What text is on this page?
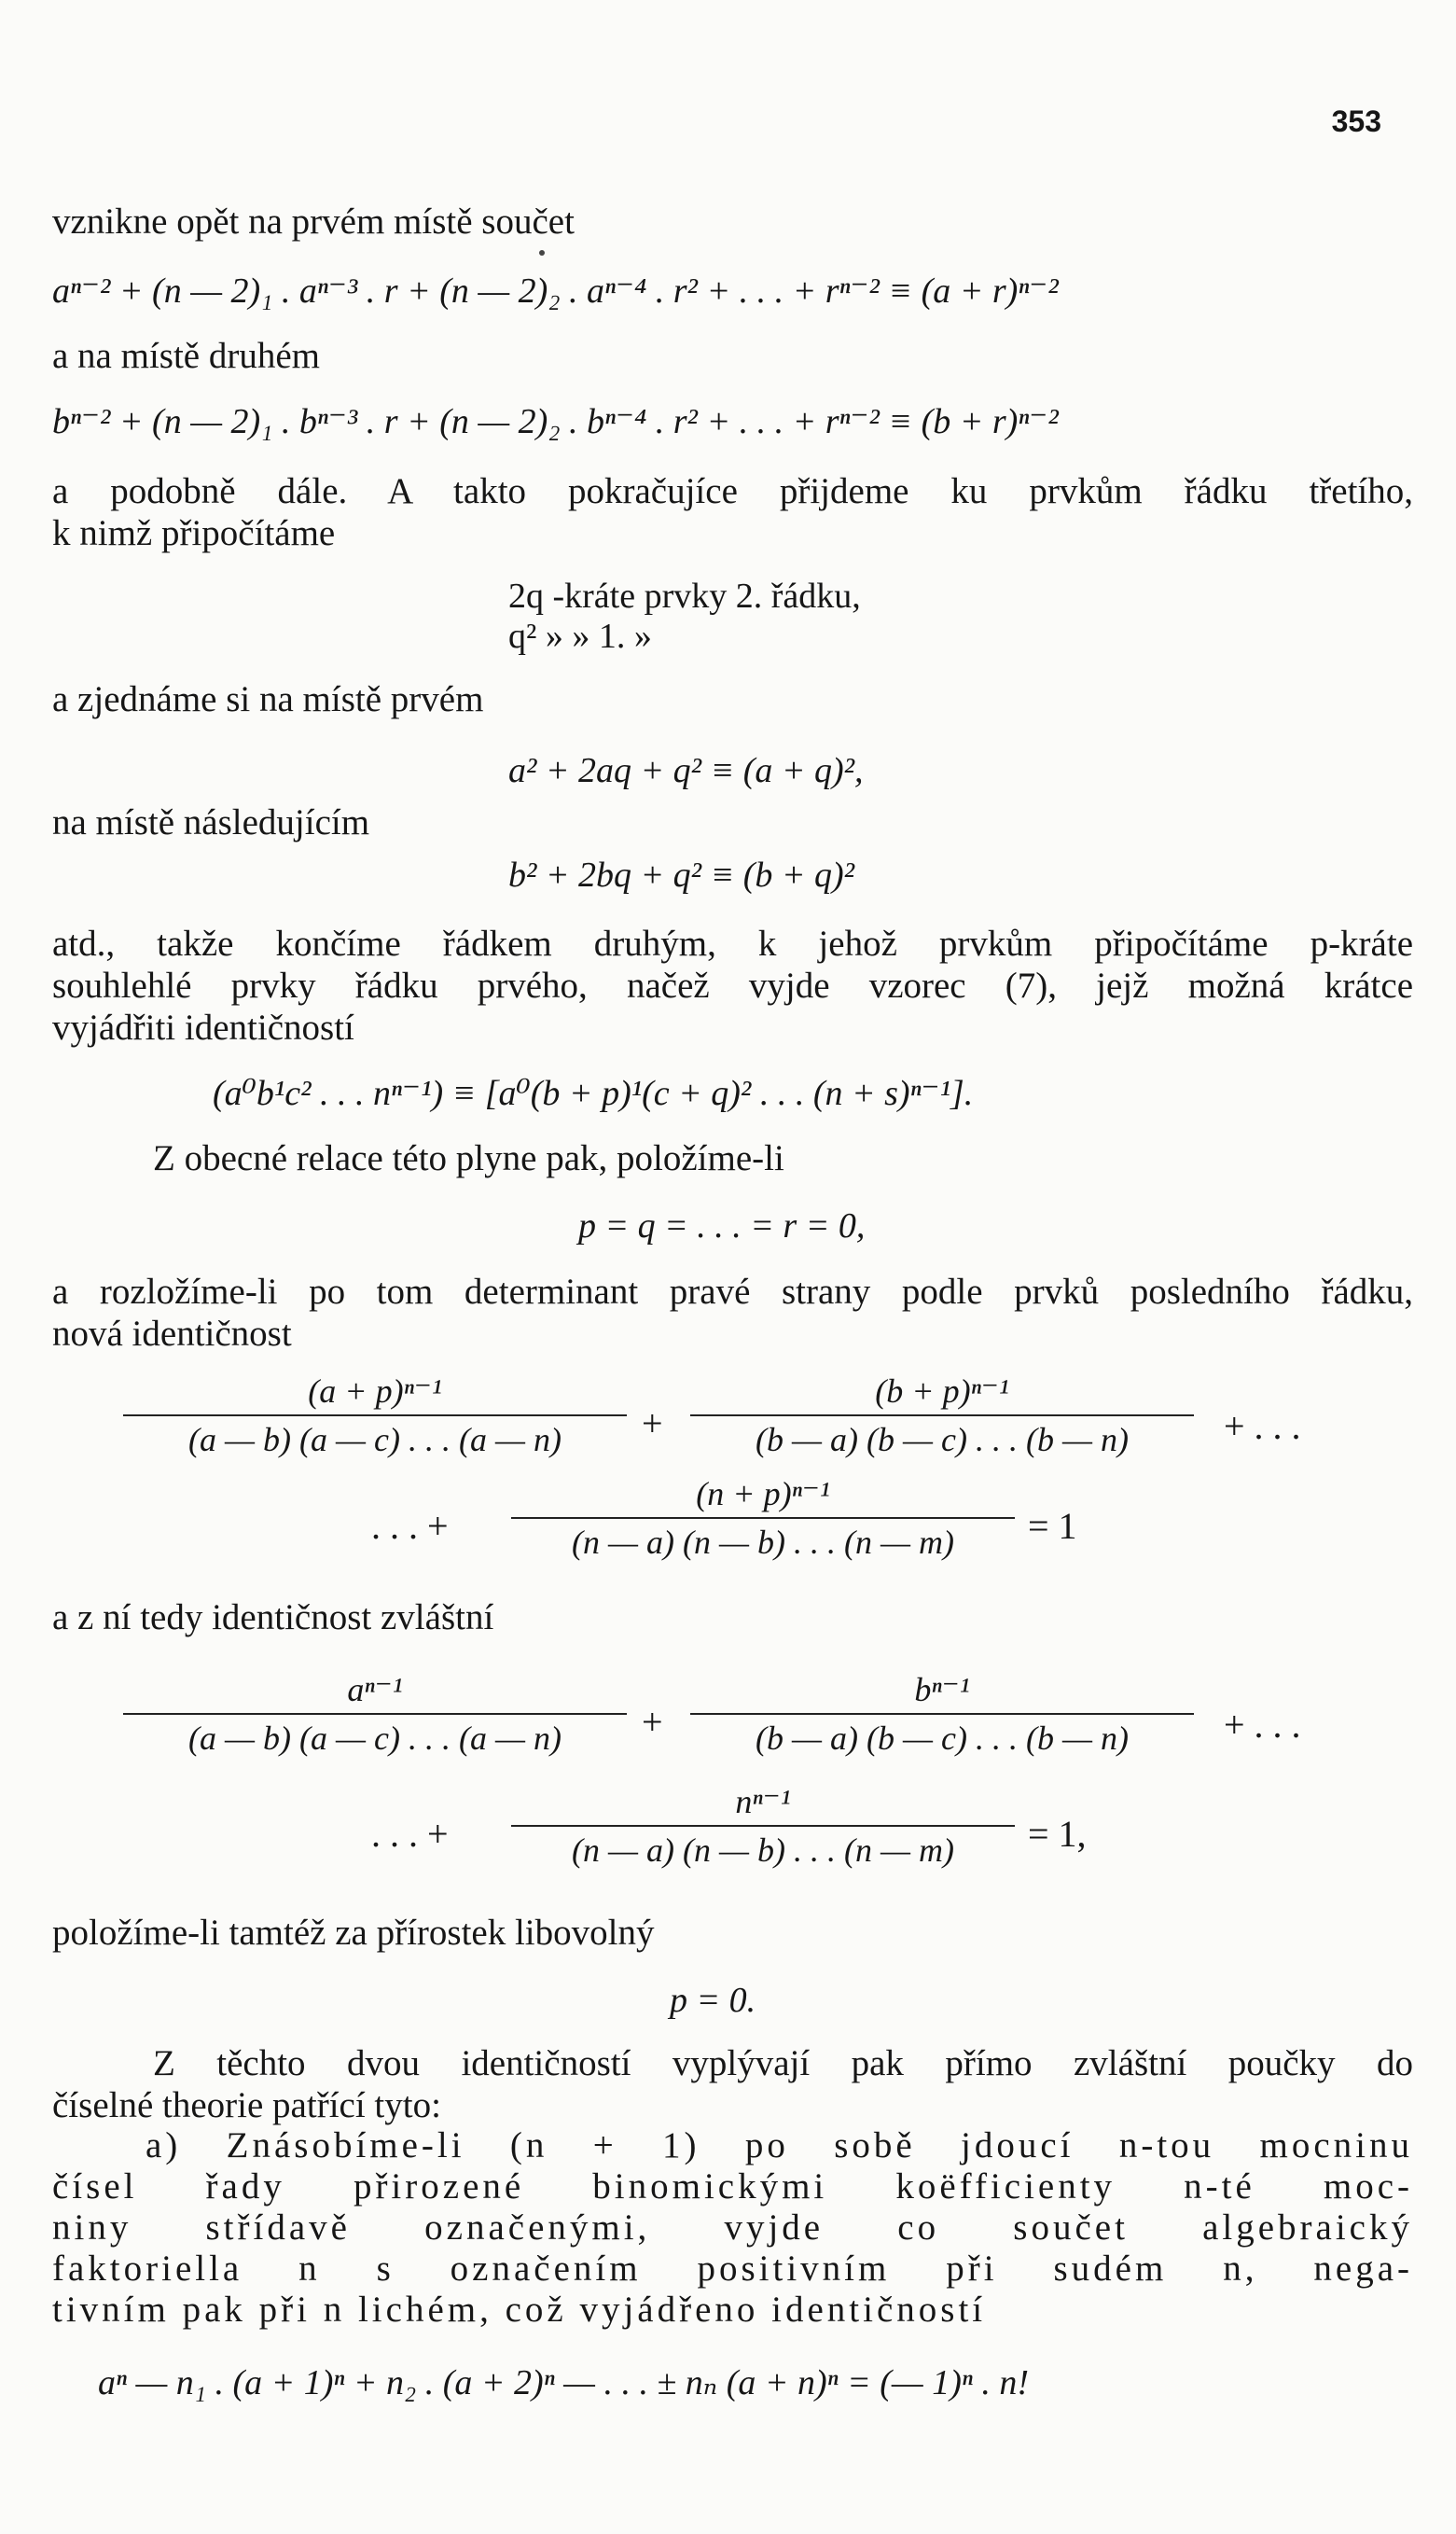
353
vznikne opět na prvém místě součet
aⁿ⁻² + (n — 2)₁ . aⁿ⁻³ . r + (n — 2)₂ . aⁿ⁻⁴ . r² + . . . + rⁿ⁻² ≡ (a + r)ⁿ⁻²
a na místě druhém
bⁿ⁻² + (n — 2)₁ . bⁿ⁻³ . r + (n — 2)₂ . bⁿ⁻⁴ . r² + . . . + rⁿ⁻² ≡ (b + r)ⁿ⁻²
a podobně dále. A takto pokračujíce přijdeme ku prvkům řádku třetího,
k nimž připočítáme
2q -kráte prvky 2. řádku,
q² » » 1. »
a zjednáme si na místě prvém
a² + 2aq + q² ≡ (a + q)²,
na místě následujícím
b² + 2bq + q² ≡ (b + q)²
atd., takže končíme řádkem druhým, k jehož prvkům připočítáme p-kráte
souhlehlé prvky řádku prvého, načež vyjde vzorec (7), jejž možná krátce
vyjádřiti identičností
(a⁰b¹c² . . . nⁿ⁻¹) ≡ [a⁰(b + p)¹(c + q)² . . . (n + s)ⁿ⁻¹].
Z obecné relace této plyne pak, položíme-li
p = q = . . . = r = 0,
a rozložíme-li po tom determinant pravé strany podle prvků posledního řádku,
nová identičnost
(a + p)ⁿ⁻¹
(a — b) (a — c) . . . (a — n)	+
(b + p)ⁿ⁻¹
(b — a) (b — c) . . . (b — n)	+ . . .
. . . +
(n + p)ⁿ⁻¹
(n — a) (n — b) . . . (n — m)	= 1
a z ní tedy identičnost zvláštní
aⁿ⁻¹
(a — b) (a — c) . . . (a — n)	+
bⁿ⁻¹
(b — a) (b — c) . . . (b — n)	+ . . .
. . . +
nⁿ⁻¹
(n — a) (n — b) . . . (n — m)	= 1,
položíme-li tamtéž za přírostek libovolný
p = 0.
Z těchto dvou identičností vyplývají pak přímo zvláštní poučky do
číselné theorie patřící tyto:
a) Znásobíme-li (n + 1) po sobě jdoucí n-tou mocninu
čísel řady přirozené binomickými koëfficienty n-té moc-
niny střídavě označenými, vyjde co součet algebraický
faktoriella n s označením positivním při sudém n, nega-
tivním pak při n lichém, což vyjádřeno identičností
aⁿ — n₁ . (a + 1)ⁿ + n₂ . (a + 2)ⁿ — . . . ± nₙ (a + n)ⁿ = (— 1)ⁿ . n!
